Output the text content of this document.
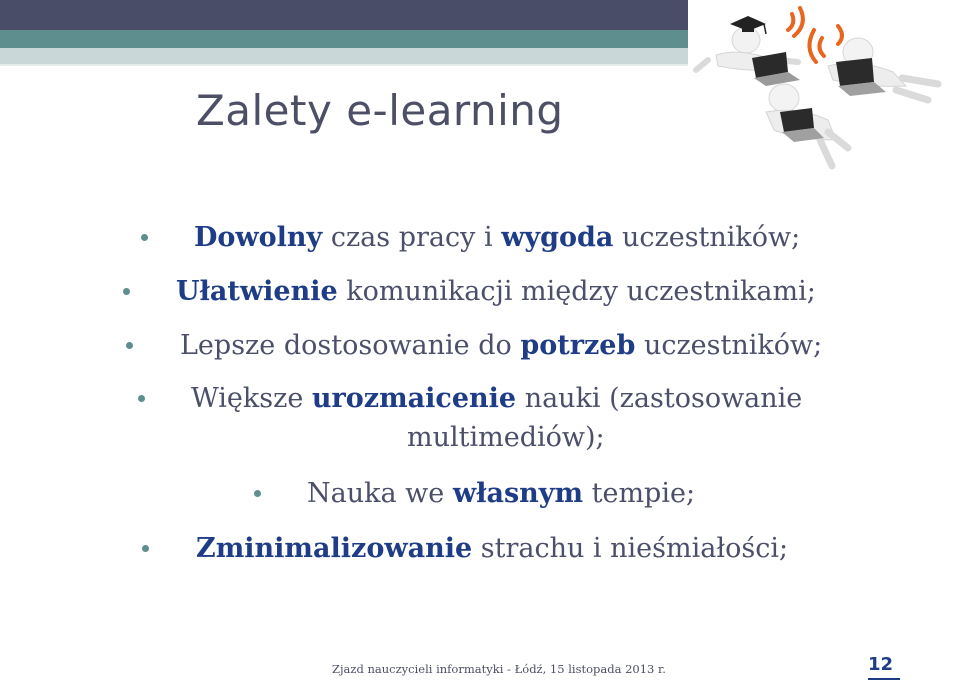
Zalety e-learning
Dowolny czas pracy i wygoda uczestników;
Ułatwienie komunikacji między uczestnikami;
Lepsze dostosowanie do potrzeb uczestników;
Większe urozmaicenie nauki (zastosowanie
multimediów);
Nauka we własnym tempie;
Zminimalizowanie strachu i nieśmiałości;
Zjazd nauczycieli informatyki - Łódź, 15 listopada 2013 r.	12
